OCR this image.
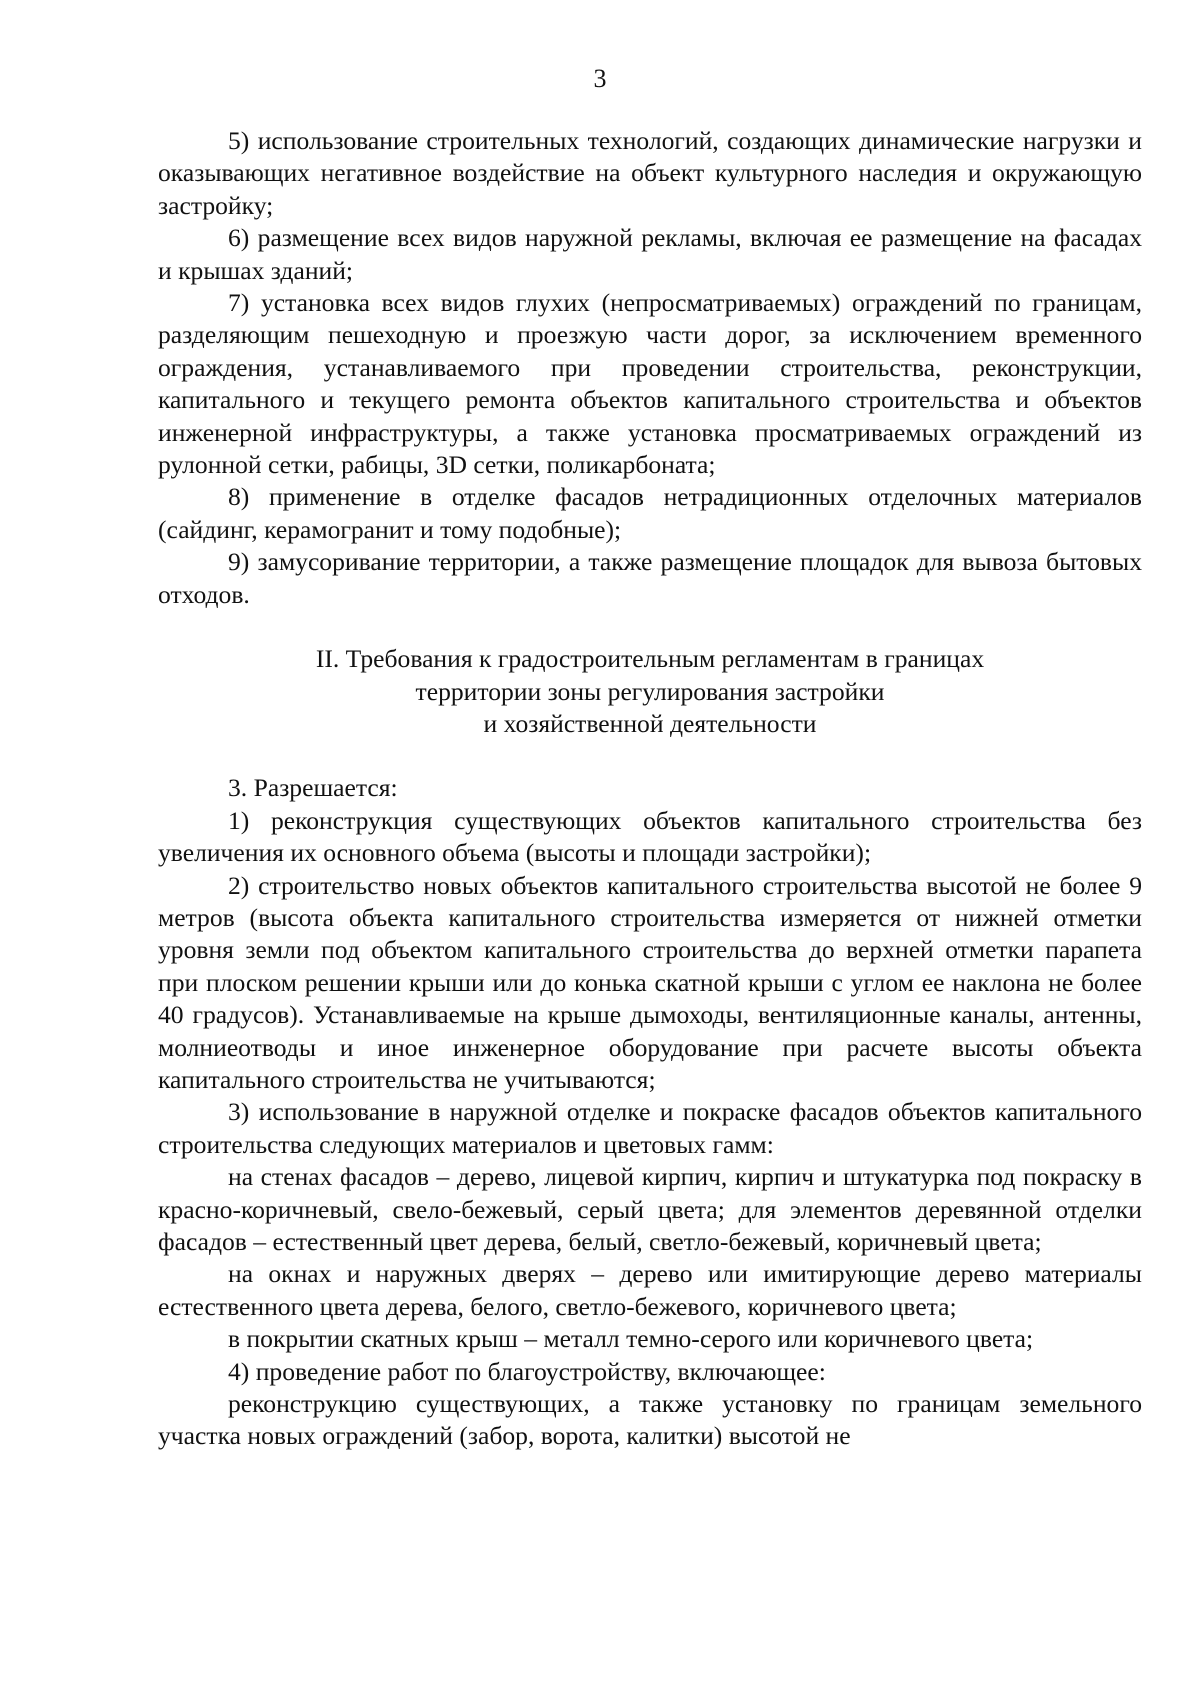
3

5) использование строительных технологий, создающих динамические нагрузки и оказывающих негативное воздействие на объект культурного наследия и окружающую застройку;

6) размещение всех видов наружной рекламы, включая ее размещение на фасадах и крышах зданий;

7) установка всех видов глухих (непросматриваемых) ограждений по границам, разделяющим пешеходную и проезжую части дорог, за исключением временного ограждения, устанавливаемого при проведении строительства, реконструкции, капитального и текущего ремонта объектов капитального строительства и объектов инженерной инфраструктуры, а также установка просматриваемых ограждений из рулонной сетки, рабицы, 3D сетки, поликарбоната;

8) применение в отделке фасадов нетрадиционных отделочных материалов (сайдинг, керамогранит и тому подобные);

9) замусоривание территории, а также размещение площадок для вывоза бытовых отходов.

II. Требования к градостроительным регламентам в границах
территории зоны регулирования застройки
и хозяйственной деятельности

3. Разрешается:

1) реконструкция существующих объектов капитального строительства без увеличения их основного объема (высоты и площади застройки);

2) строительство новых объектов капитального строительства высотой не более 9 метров (высота объекта капитального строительства измеряется от нижней отметки уровня земли под объектом капитального строительства до верхней отметки парапета при плоском решении крыши или до конька скатной крыши с углом ее наклона не более 40 градусов). Устанавливаемые на крыше дымоходы, вентиляционные каналы, антенны, молниеотводы и иное инженерное оборудование при расчете высоты объекта капитального строительства не учитываются;

3) использование в наружной отделке и покраске фасадов объектов капитального строительства следующих материалов и цветовых гамм:

на стенах фасадов – дерево, лицевой кирпич, кирпич и штукатурка под покраску в красно-коричневый, свело-бежевый, серый цвета; для элементов деревянной отделки фасадов – естественный цвет дерева, белый, светло-бежевый, коричневый цвета;

на окнах и наружных дверях – дерево или имитирующие дерево материалы естественного цвета дерева, белого, светло-бежевого, коричневого цвета;

в покрытии скатных крыш – металл темно-серого или коричневого цвета;

4) проведение работ по благоустройству, включающее:

реконструкцию существующих, а также установку по границам земельного участка новых ограждений (забор, ворота, калитки) высотой не
